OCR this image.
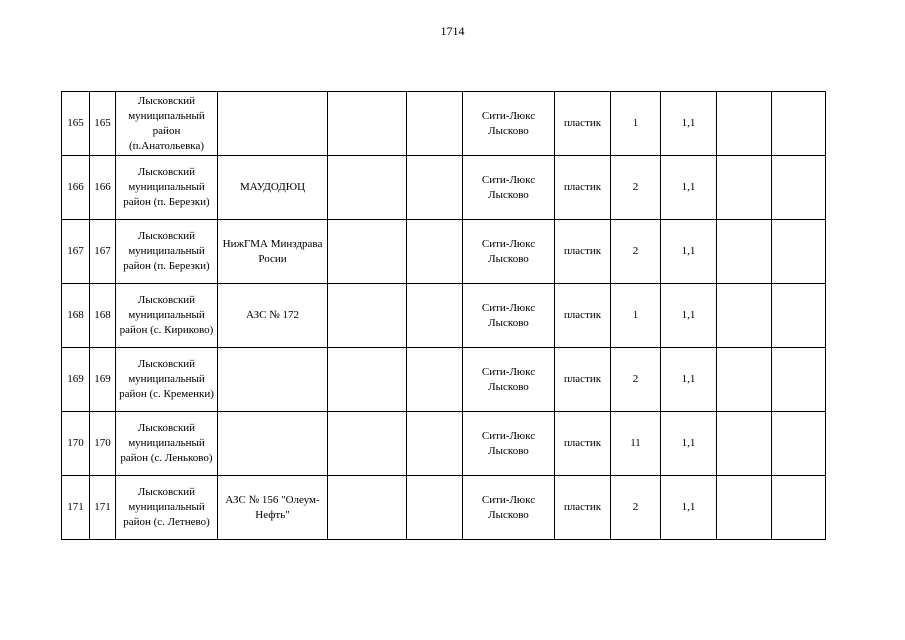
1714
165	165	Лысковский муниципальный район (п.Анатольевка)				Сити-Люкс Лысково	пластик	1	1,1		
166	166	Лысковский муниципальный район (п. Березки)	МАУДОДЮЦ			Сити-Люкс Лысково	пластик	2	1,1		
167	167	Лысковский муниципальный район (п. Березки)	НижГМА Минздрава Росии			Сити-Люкс Лысково	пластик	2	1,1		
168	168	Лысковский муниципальный район (с. Кириково)	АЗС № 172			Сити-Люкс Лысково	пластик	1	1,1		
169	169	Лысковский муниципальный район (с. Кременки)				Сити-Люкс Лысково	пластик	2	1,1		
170	170	Лысковский муниципальный район (с. Леньково)				Сити-Люкс Лысково	пластик	11	1,1		
171	171	Лысковский муниципальный район (с. Летнево)	АЗС № 156 "Олеум-Нефть"			Сити-Люкс Лысково	пластик	2	1,1		
